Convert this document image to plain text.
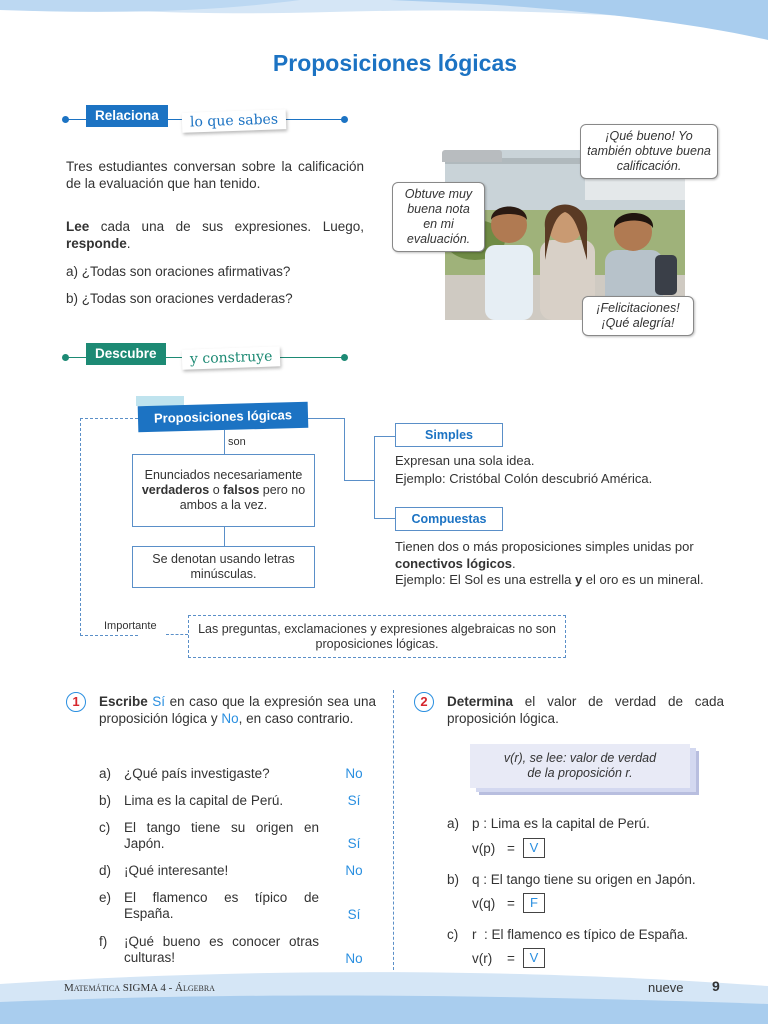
Proposiciones lógicas
Relaciona	lo que sabes
Tres estudiantes conversan sobre la calificación de la evaluación que han tenido.
Lee cada una de sus expresiones. Luego, responde.
a) ¿Todas son oraciones afirmativas?
b) ¿Todas son oraciones verdaderas?
Obtuve muy buena nota en mi evaluación.
¡Qué bueno! Yo también obtuve buena calificación.
¡Felicitaciones! ¡Qué alegría!
Descubre	y construye
Proposiciones lógicas
son
Enunciados necesariamente verdaderos o falsos pero no ambos a la vez.
Se denotan usando letras minúsculas.
Simples
Expresan una sola idea.
Ejemplo: Cristóbal Colón descubrió América.
Compuestas
Tienen dos o más proposiciones simples unidas por conectivos lógicos.
Ejemplo: El Sol es una estrella y el oro es un mineral.
Importante	Las preguntas, exclamaciones y expresiones algebraicas no son proposiciones lógicas.
1	Escribe Sí en caso que la expresión sea una proposición lógica y No, en caso contrario.
a) ¿Qué país investigaste?	No
b) Lima es la capital de Perú.	Sí
c) El tango tiene su origen en Japón.	Sí
d) ¡Qué interesante!	No
e) El flamenco es típico de España.	Sí
f) ¡Qué bueno es conocer otras culturas!	No
2	Determina el valor de verdad de cada proposición lógica.
v(r), se lee: valor de verdad de la proposición r.
a) p : Lima es la capital de Perú.
v(p) =	V
b) q : El tango tiene su origen en Japón.
v(q) =	F
c) r  : El flamenco es típico de España.
v(r) =	V
Matemática SIGMA 4 - Álgebra	nueve 9
